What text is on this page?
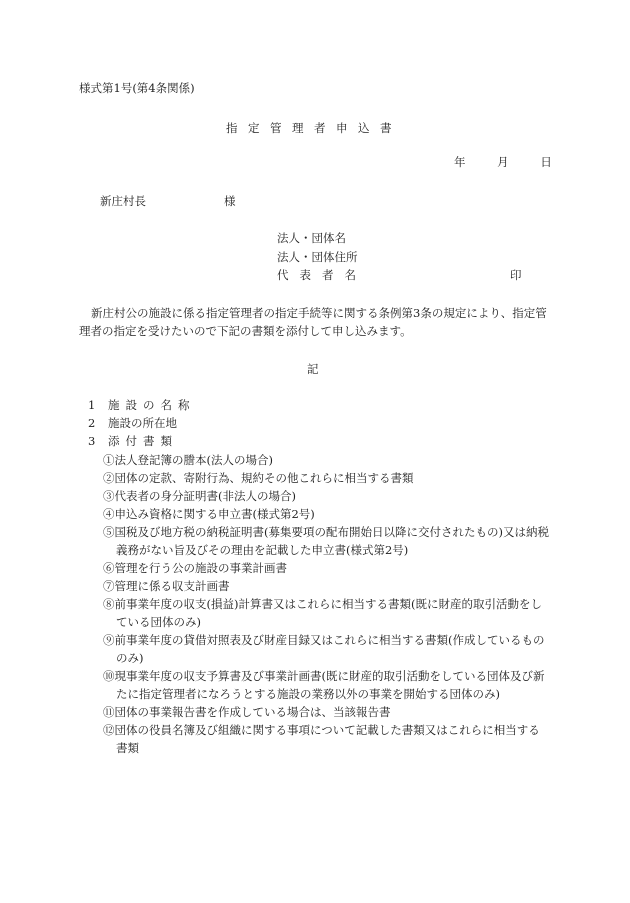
様式第1号(第4条関係)
指定管理者申込書
年	月	日
新庄村長	様
法人・団体名
法人・団体住所
代表者名	印
新庄村公の施設に係る指定管理者の指定手続等に関する条例第3条の規定により、指定管理者の指定を受けたいので下記の書類を添付して申し込みます。
記
1 施設の名称
2 施設の所在地
3 添付書類
①法人登記簿の謄本(法人の場合)
②団体の定款、寄附行為、規約その他これらに相当する書類
③代表者の身分証明書(非法人の場合)
④申込み資格に関する申立書(様式第2号)
⑤国税及び地方税の納税証明書(募集要項の配布開始日以降に交付されたもの)又は納税義務がない旨及びその理由を記載した申立書(様式第2号)
⑥管理を行う公の施設の事業計画書
⑦管理に係る収支計画書
⑧前事業年度の収支(損益)計算書又はこれらに相当する書類(既に財産的取引活動をしている団体のみ)
⑨前事業年度の貸借対照表及び財産目録又はこれらに相当する書類(作成しているもののみ)
⑩現事業年度の収支予算書及び事業計画書(既に財産的取引活動をしている団体及び新たに指定管理者になろうとする施設の業務以外の事業を開始する団体のみ)
⑪団体の事業報告書を作成している場合は、当該報告書
⑫団体の役員名簿及び組織に関する事項について記載した書類又はこれらに相当する書類
